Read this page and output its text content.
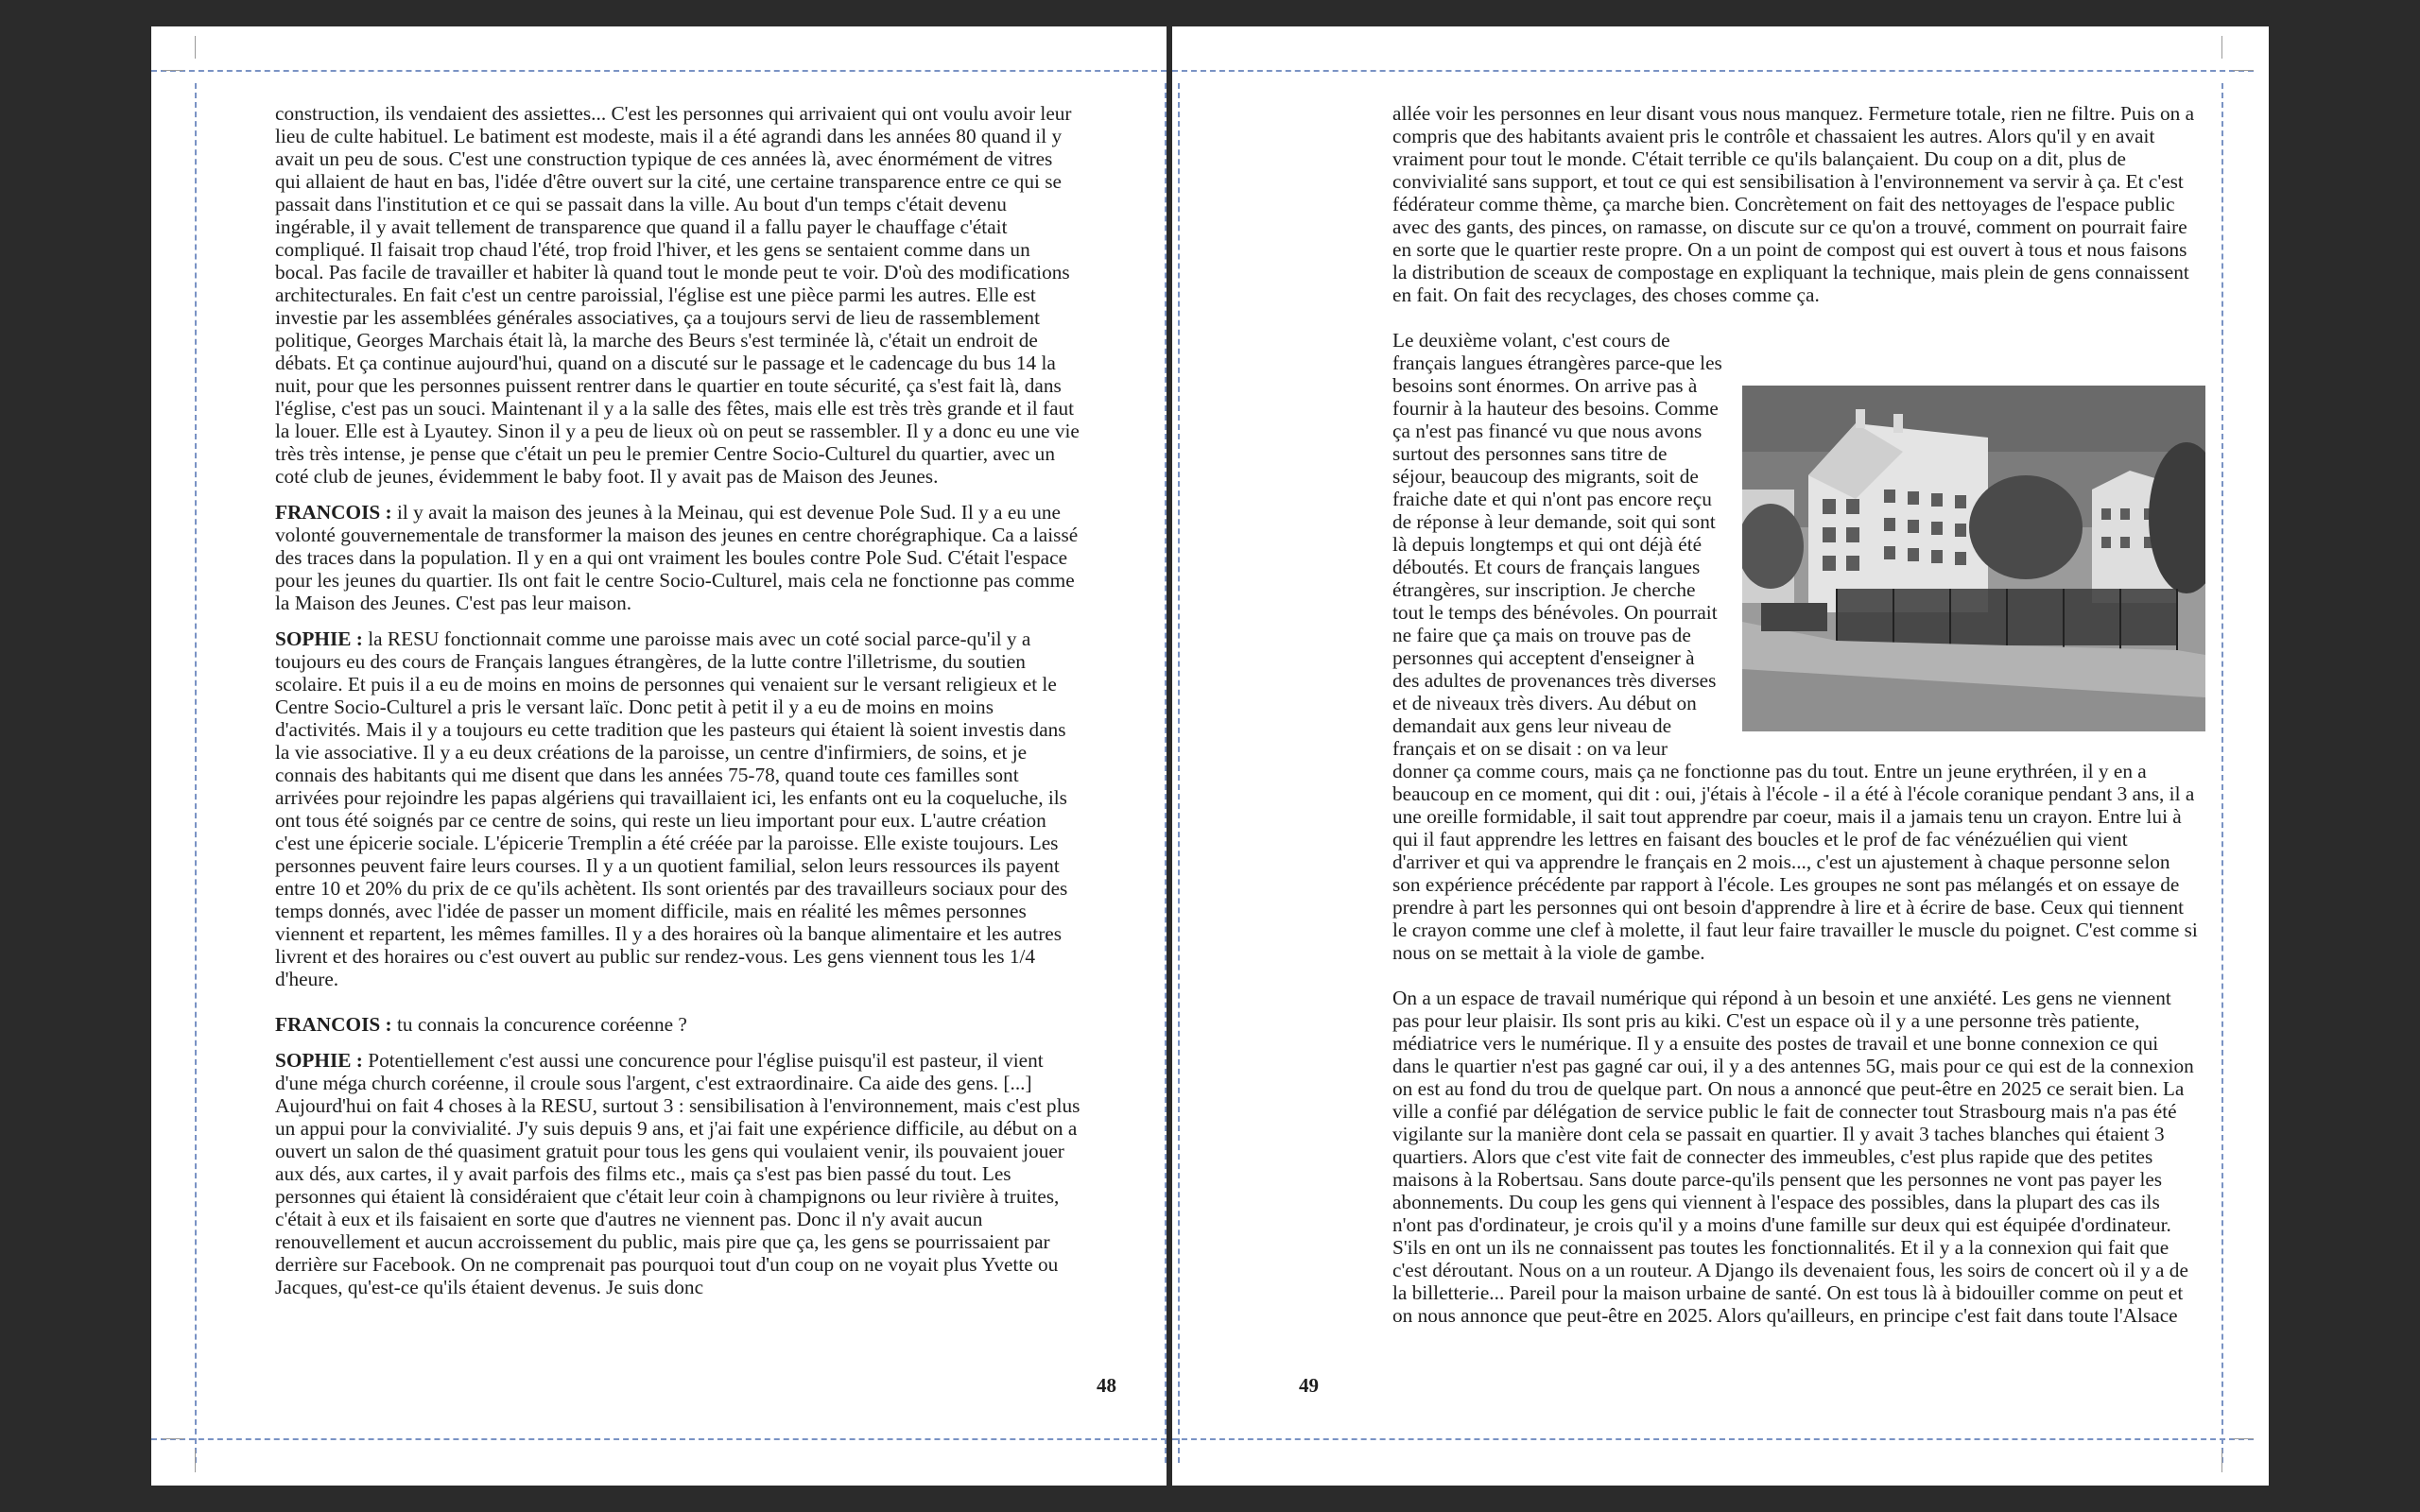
construction, ils vendaient des assiettes... C'est les personnes qui arrivaient qui ont voulu avoir leur lieu de culte habituel. Le batiment est modeste, mais il a été agrandi dans les années 80 quand il y avait un peu de sous. C'est une construction typique de ces années là, avec énormément de vitres qui allaient de haut en bas, l'idée d'être ouvert sur la cité, une certaine transparence entre ce qui se passait dans l'institution et ce qui se passait dans la ville. Au bout d'un temps c'était devenu ingérable, il y avait tellement de transparence que quand il a fallu payer le chauffage c'était compliqué. Il faisait trop chaud l'été, trop froid l'hiver, et les gens se sentaient comme dans un bocal. Pas facile de travailler et habiter là quand tout le monde peut te voir. D'où des modifications architecturales. En fait c'est un centre paroissial, l'église est une pièce parmi les autres. Elle est investie par les assemblées générales associatives, ça a toujours servi de lieu de rassemblement politique, Georges Marchais était là, la marche des Beurs s'est terminée là, c'était un endroit de débats. Et ça continue aujourd'hui, quand on a discuté sur le passage et le cadencage du bus 14 la nuit, pour que les personnes puissent rentrer dans le quartier en toute sécurité, ça s'est fait là, dans l'église, c'est pas un souci. Maintenant il y a la salle des fêtes, mais elle est très très grande et il faut la louer. Elle est à Lyautey. Sinon il y a peu de lieux où on peut se rassembler. Il y a donc eu une vie très très intense, je pense que c'était un peu le premier Centre Socio-Culturel du quartier, avec un coté club de jeunes, évidemment le baby foot. Il y avait pas de Maison des Jeunes.

FRANCOIS : il y avait la maison des jeunes à la Meinau, qui est devenue Pole Sud. Il y a eu une volonté gouvernementale de transformer la maison des jeunes en centre chorégraphique. Ca a laissé des traces dans la population. Il y en a qui ont vraiment les boules contre Pole Sud. C'était l'espace pour les jeunes du quartier. Ils ont fait le centre Socio-Culturel, mais cela ne fonctionne pas comme la Maison des Jeunes. C'est pas leur maison.

SOPHIE : la RESU fonctionnait comme une paroisse mais avec un coté social parce-qu'il y a toujours eu des cours de Français langues étrangères, de la lutte contre l'illetrisme, du soutien scolaire. Et puis il a eu de moins en moins de personnes qui venaient sur le versant religieux et le Centre Socio-Culturel a pris le versant laïc. Donc petit à petit il y a eu de moins en moins d'activités. Mais il y a toujours eu cette tradition que les pasteurs qui étaient là soient investis dans la vie associative. Il y a eu deux créations de la paroisse, un centre d'infirmiers, de soins, et je connais des habitants qui me disent que dans les années 75-78, quand toute ces familles sont arrivées pour rejoindre les papas algériens qui travaillaient ici, les enfants ont eu la coqueluche, ils ont tous été soignés par ce centre de soins, qui reste un lieu important pour eux. L'autre création c'est une épicerie sociale. L'épicerie Tremplin a été créée par la paroisse. Elle existe toujours. Les personnes peuvent faire leurs courses. Il y a un quotient familial, selon leurs ressources ils payent entre 10 et 20% du prix de ce qu'ils achètent. Ils sont orientés par des travailleurs sociaux pour des temps donnés, avec l'idée de passer un moment difficile, mais en réalité les mêmes personnes viennent et repartent, les mêmes familles. Il y a des horaires où la banque alimentaire et les autres livrent et des horaires ou c'est ouvert au public sur rendez-vous. Les gens viennent tous les 1/4 d'heure.

FRANCOIS : tu connais la concurence coréenne ?

SOPHIE : Potentiellement c'est aussi une concurence pour l'église puisqu'il est pasteur, il vient d'une méga church coréenne, il croule sous l'argent, c'est extraordinaire. Ca aide des gens. [...] Aujourd'hui on fait 4 choses à la RESU, surtout 3 : sensibilisation à l'environnement, mais c'est plus un appui pour la convivialité. J'y suis depuis 9 ans, et j'ai fait une expérience difficile, au début on a ouvert un salon de thé quasiment gratuit pour tous les gens qui voulaient venir, ils pouvaient jouer aux dés, aux cartes, il y avait parfois des films etc., mais ça s'est pas bien passé du tout. Les personnes qui étaient là considéraient que c'était leur coin à champignons ou leur rivière à truites, c'était à eux et ils faisaient en sorte que d'autres ne viennent pas. Donc il n'y avait aucun renouvellement et aucun accroissement du public, mais pire que ça, les gens se pourrissaient par derrière sur Facebook. On ne comprenait pas pourquoi tout d'un coup on ne voyait plus Yvette ou Jacques, qu'est-ce qu'ils étaient devenus. Je suis donc

48	49

allée voir les personnes en leur disant vous nous manquez. Fermeture totale, rien ne filtre. Puis on a compris que des habitants avaient pris le contrôle et chassaient les autres. Alors qu'il y en avait vraiment pour tout le monde. C'était terrible ce qu'ils balançaient. Du coup on a dit, plus de convivialité sans support, et tout ce qui est sensibilisation à l'environnement va servir à ça. Et c'est fédérateur comme thème, ça marche bien. Concrètement on fait des nettoyages de l'espace public avec des gants, des pinces, on ramasse, on discute sur ce qu'on a trouvé, comment on pourrait faire en sorte que le quartier reste propre. On a un point de compost qui est ouvert à tous et nous faisons la distribution de sceaux de compostage en expliquant la technique, mais plein de gens connaissent en fait. On fait des recyclages, des choses comme ça.

Le deuxième volant, c'est cours de français langues étrangères parce-que les besoins sont énormes. On arrive pas à fournir à la hauteur des besoins. Comme ça n'est pas financé vu que nous avons surtout des personnes sans titre de séjour, beaucoup des migrants, soit de fraiche date et qui n'ont pas encore reçu de réponse à leur demande, soit qui sont là depuis longtemps et qui ont déjà été déboutés. Et cours de français langues étrangères, sur inscription. Je cherche tout le temps des bénévoles. On pourrait ne faire que ça mais on trouve pas de personnes qui acceptent d'enseigner à des adultes de provenances très diverses et de niveaux très divers. Au début on demandait aux gens leur niveau de français et on se disait : on va leur donner ça comme cours, mais ça ne fonctionne pas du tout. Entre un jeune erythréen, il y en a beaucoup en ce moment, qui dit : oui, j'étais à l'école - il a été à l'école coranique pendant 3 ans, il a une oreille formidable, il sait tout apprendre par coeur, mais il a jamais tenu un crayon. Entre lui à qui il faut apprendre les lettres en faisant des boucles et le prof de fac vénézuélien qui vient d'arriver et qui va apprendre le français en 2 mois..., c'est un ajustement à chaque personne selon son expérience précédente par rapport à l'école. Les groupes ne sont pas mélangés et on essaye de prendre à part les personnes qui ont besoin d'apprendre à lire et à écrire de base. Ceux qui tiennent le crayon comme une clef à molette, il faut leur faire travailler le muscle du poignet. C'est comme si nous on se mettait à la viole de gambe.

On a un espace de travail numérique qui répond à un besoin et une anxiété. Les gens ne viennent pas pour leur plaisir. Ils sont pris au kiki. C'est un espace où il y a une personne très patiente, médiatrice vers le numérique. Il y a ensuite des postes de travail et une bonne connexion ce qui dans le quartier n'est pas gagné car oui, il y a des antennes 5G, mais pour ce qui est de la connexion on est au fond du trou de quelque part. On nous a annoncé que peut-être en 2025 ce serait bien. La ville a confié par délégation de service public le fait de connecter tout Strasbourg mais n'a pas été vigilante sur la manière dont cela se passait en quartier. Il y avait 3 taches blanches qui étaient 3 quartiers. Alors que c'est vite fait de connecter des immeubles, c'est plus rapide que des petites maisons à la Robertsau. Sans doute parce-qu'ils pensent que les personnes ne vont pas payer les abonnements. Du coup les gens qui viennent à l'espace des possibles, dans la plupart des cas ils n'ont pas d'ordinateur, je crois qu'il y a moins d'une famille sur deux qui est équipée d'ordinateur. S'ils en ont un ils ne connaissent pas toutes les fonctionnalités. Et il y a la connexion qui fait que c'est déroutant. Nous on a un routeur. A Django ils devenaient fous, les soirs de concert où il y a de la billetterie... Pareil pour la maison urbaine de santé. On est tous là à bidouiller comme on peut et on nous annonce que peut-être en 2025. Alors qu'ailleurs, en principe c'est fait dans toute l'Alsace
